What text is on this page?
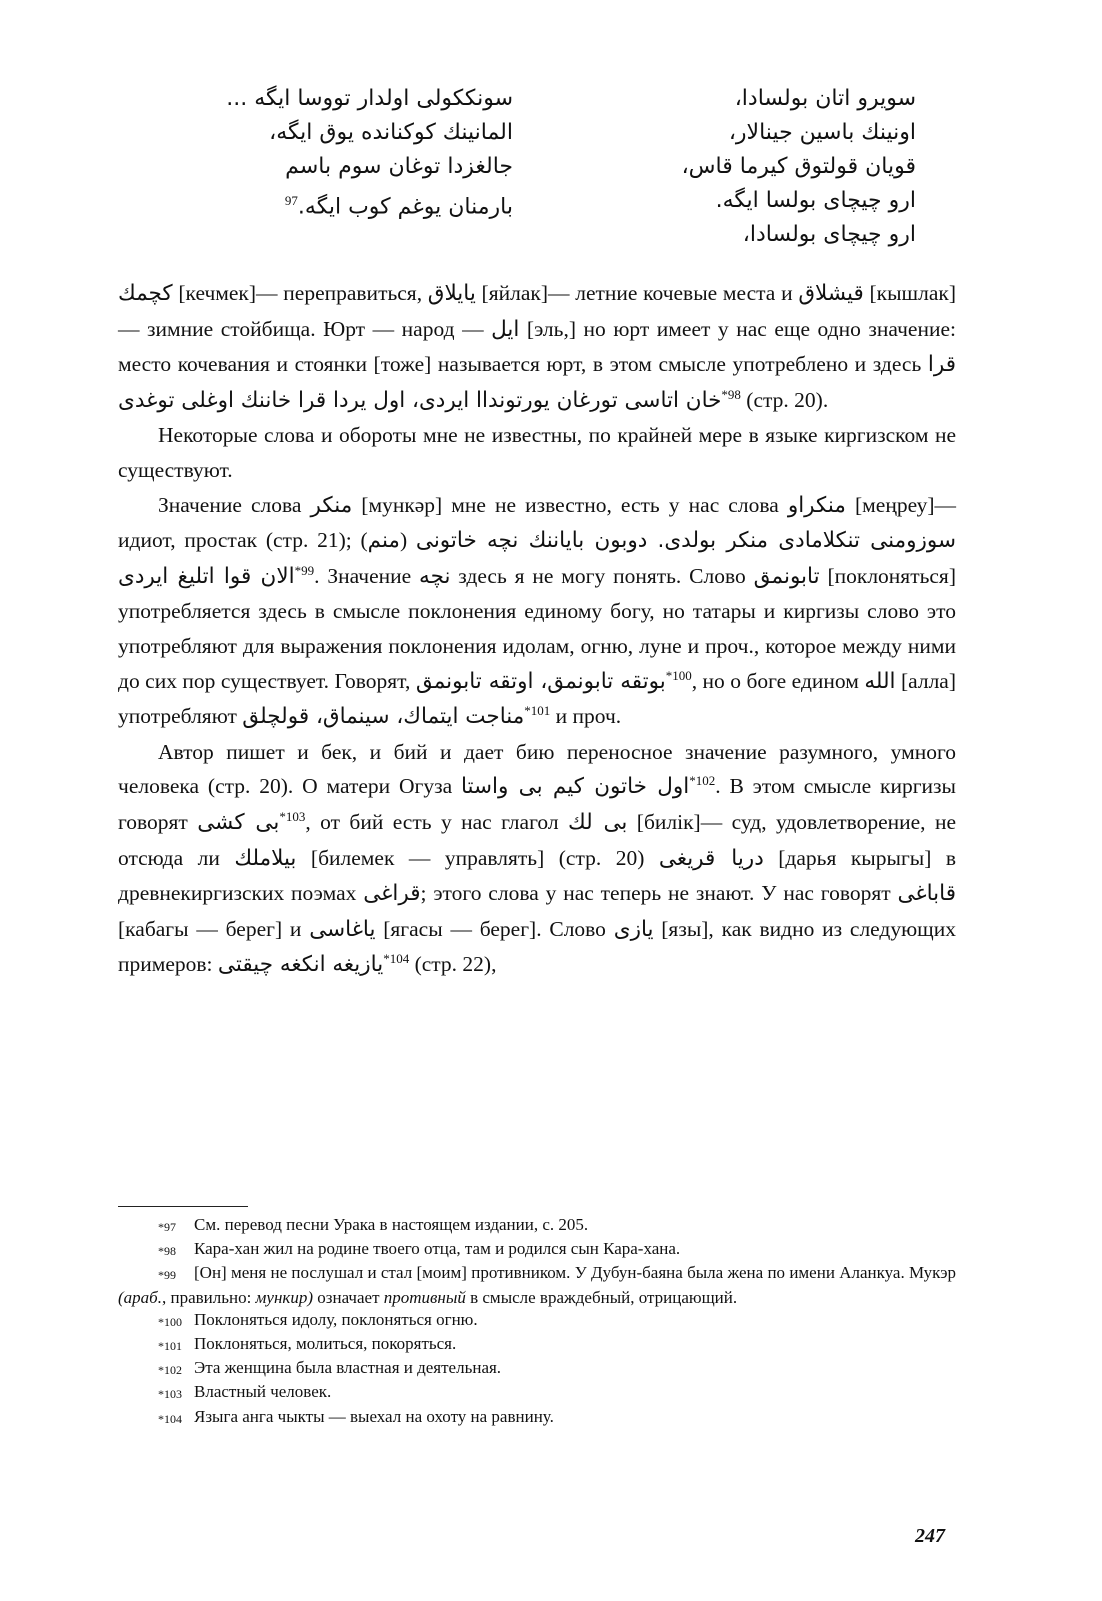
سونککولی اولدار تووسا ایگه ...
المانینك کوکناندە یوق ایگه،
جالغزدا توغان سوم باسم
$^{97}$بارمنان یوغم کوب ایگه.
سویرو اتان بولسادا،
اونینك باسین جینالار،
قویان قولتوق کیرما قاس،
ارو چیچای بولسا ایگه.
ارو چیچای بولسادا،

کچمك [кечмек]— переправиться, یایلاق [яйлак]— летние кочевые места и قیشلاق [кышлак]— зимние стойбища. Юрт — народ — ایل [эль,] но юрт имеет у нас еще одно значение: место кочевания и стоянки [тоже] называется юрт, в этом смысле употреблено и здесь قرا خان اتاسی تورغان یورتونداا ایردی، اول یردا قرا خاننك اوغلی توغدی$^{*98}$ (стр. 20).

Некоторые слова и обороты мне не известны, по крайней мере в языке киргизском не существуют.

Значение слова منکر [мункәр] мне не известно, есть у нас слова منکراو [меңреу]— идиот, простак (стр. 21); (منم) سوزومنی تنکلامادی منکر بولدی. دوبون بایاننك نچه خاتونی الان قوا اتلیغ ایردی$^{*99}$. Значение نچه здесь я не могу понять. Слово تابونمق [поклоняться] употребляется здесь в смысле поклонения единому богу, но татары и киргизы слово это употребляют для выражения поклонения идолам, огню, луне и проч., которое между ними до сих пор существует. Говорят, بوتقه تابونمق، اوتقه تابونمق$^{*100}$, но о боге едином الله [алла] употребляют مناجت ایتماك، سینماق، قولچلق$^{*101}$ и проч.

Автор пишет и бек, и бий и дает бию переносное значение разумного, умного человека (стр. 20). О матери Огуза اول خاتون کیم بی واستا$^{*102}$. В этом смысле киргизы говорят بی کشی$^{*103}$, от бий есть у нас глагол بی لك [билік]— суд, удовлетворение, не отсюда ли بیلاملك [билемек — управлять] (стр. 20) دریا قریغی [дарья кырыгы] в древнекиргизских поэмах قراغی; этого слова у нас теперь не знают. У нас говорят قاباغی [кабагы — берег] и یاغاسی [ягасы — берег]. Слово یازی [язы], как видно из следующих примеров: یازیغه انکغه چیقتی$^{*104}$ (стр. 22),

*97 См. перевод песни Урака в настоящем издании, с. 205.

*98 Кара-хан жил на родине твоего отца, там и родился сын Кара-хана.

*99 [Он] меня не послушал и стал [моим] противником. У Дубун-баяна была жена по имени Аланкуа. Мукэр (араб., правильно: мункир) означает противный в смысле враждебный, отрицающий.

*100 Поклоняться идолу, поклоняться огню.

*101 Поклоняться, молиться, покоряться.

*102 Эта женщина была властная и деятельная.

*103 Властный человек.

*104 Языга анга чыкты — выехал на охоту на равнину.

247
